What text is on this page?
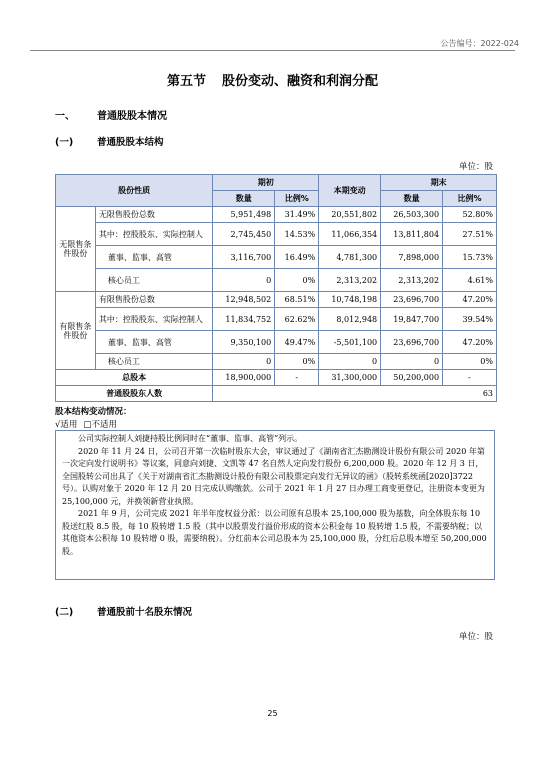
公告编号：2022-024
第五节 股份变动、融资和利润分配
一、 普通股股本情况
(一)	普通股股本结构
单位：股
股份性质		期初		本期变动	期末	
		数量	比例%		数量	比例%
无限售条件股份	无限售股份总数	5,951,498	31.49%	20,551,802	26,503,300	52.80%
	其中：控股股东、实际控制人	2,745,450	14.53%	11,066,354	13,811,804	27.51%
	董事、监事、高管	3,116,700	16.49%	4,781,300	7,898,000	15.73%
	核心员工	0	0%	2,313,202	2,313,202	4.61%
有限售条件股份	有限售股份总数	12,948,502	68.51%	10,748,198	23,696,700	47.20%
	其中：控股股东、实际控制人	11,834,752	62.62%	8,012,948	19,847,700	39.54%
	董事、监事、高管	9,350,100	49.47%	-5,501,100	23,696,700	47.20%
	核心员工	0	0%	0	0	0%
总股本		18,900,000	-	31,300,000	50,200,000	-
普通股股东人数		63				
股本结构变动情况：
√适用 □不适用

公司实际控制人刘捷持股比例同时在“董事、监事、高管”列示。

2020 年 11 月 24 日，公司召开第一次临时股东大会，审议通过了《湖南省汇杰勘测设计股份有限公司 2020 年第一次定向发行说明书》等议案，同意向刘捷、文凯等 47 名自然人定向发行股份 6,200,000 股。2020 年 12 月 3 日，全国股转公司出具了《关于对湖南省汇杰勘测设计股份有限公司股票定向发行无异议的函》（股转系统函[2020]3722 号）。认购对象于 2020 年 12 月 20 日完成认购缴款。公司于 2021 年 1 月 27 日办理工商变更登记，注册资本变更为 25,100,000 元，并换领新营业执照。

2021 年 9 月，公司完成 2021 年半年度权益分派：以公司原有总股本 25,100,000 股为基数，向全体股东每 10 股送红股 8.5 股，每 10 股转增 1.5 股（其中以股票发行溢价形成的资本公积金每 10 股转增 1.5 股，不需要纳税；以其他资本公积每 10 股转增 0 股，需要纳税）。分红前本公司总股本为 25,100,000 股，分红后总股本增至 50,200,000 股。

(二)	普通股前十名股东情况
单位：股
25
